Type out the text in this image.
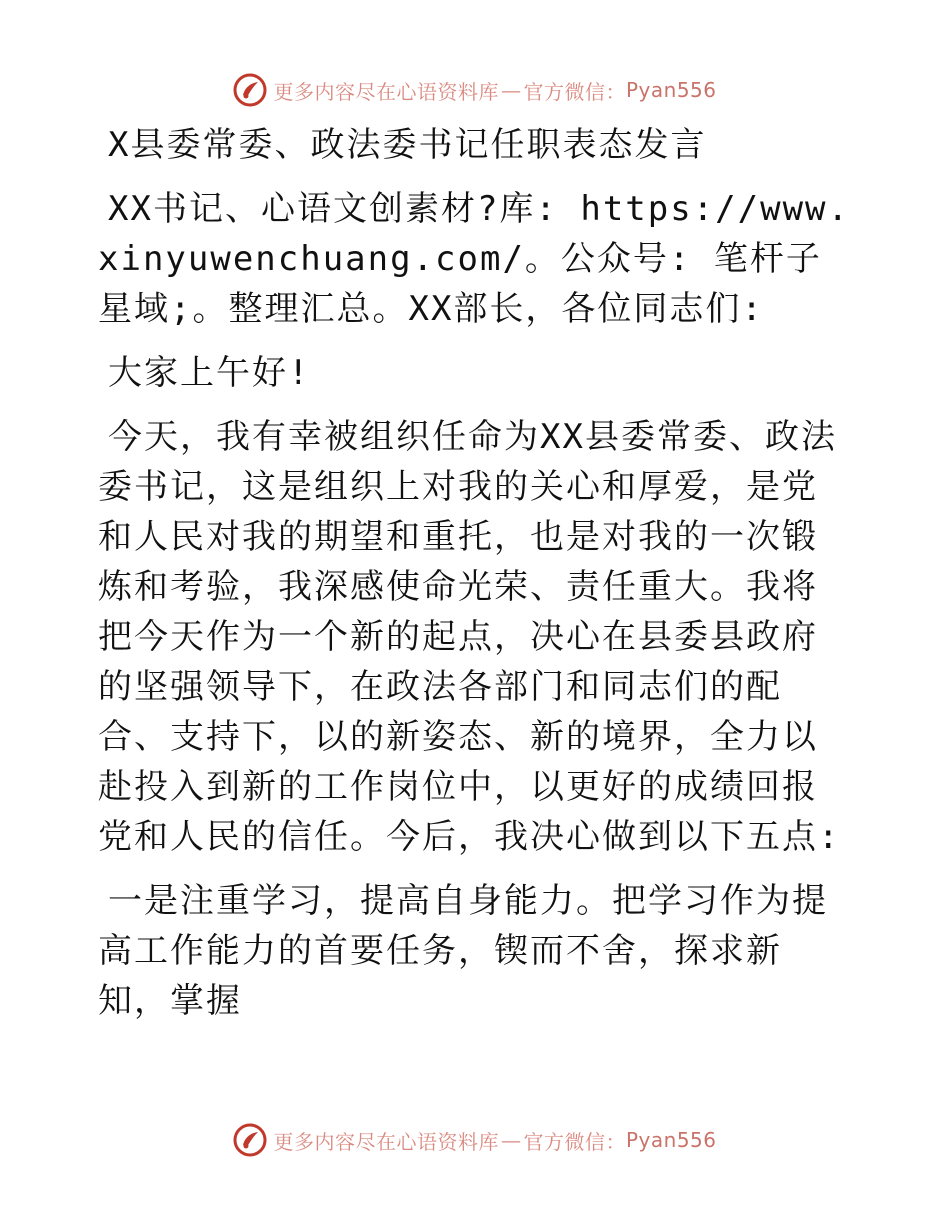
更多内容尽在心语资料库 — 官方微信： Pyan556

X县委常委、政法委书记任职表态发言

XX书记、心语文创素材?库: https://www.xinyuwenchuang.com/。公众号: 笔杆子星域;。整理汇总。XX部长，各位同志们:

大家上午好!

今天，我有幸被组织任命为XX县委常委、政法委书记，这是组织上对我的关心和厚爱，是党和人民对我的期望和重托，也是对我的一次锻炼和考验，我深感使命光荣、责任重大。我将把今天作为一个新的起点，决心在县委县政府的坚强领导下，在政法各部门和同志们的配合、支持下，以的新姿态、新的境界，全力以赴投入到新的工作岗位中，以更好的成绩回报党和人民的信任。今后，我决心做到以下五点:

一是注重学习，提高自身能力。把学习作为提高工作能力的首要任务，锲而不舍，探求新知，掌握

更多内容尽在心语资料库 — 官方微信： Pyan556
